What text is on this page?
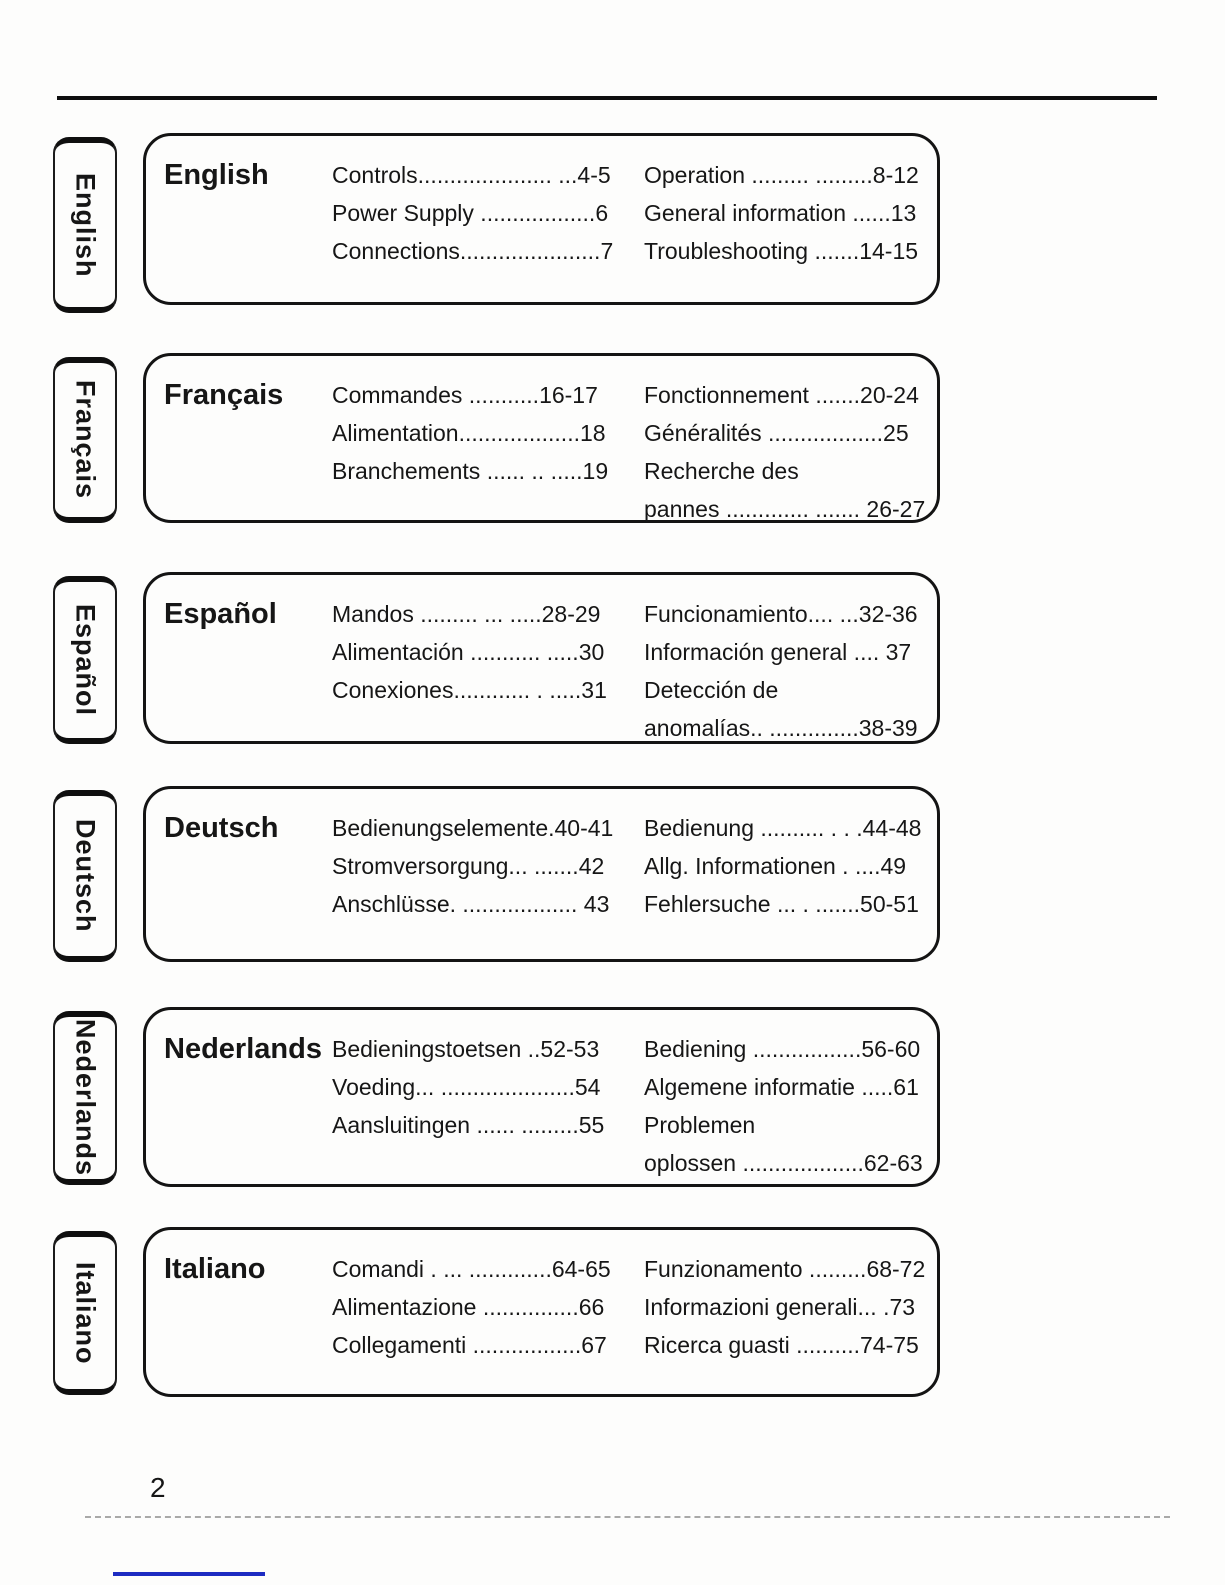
English English	Controls..................... ...4-5
Power Supply ..................6
Connections......................7
Operation ......... .........8-12
General information ......13
Troubleshooting .......14-15
Français Français	Commandes ...........16-17
Alimentation...................18
Branchements ...... .. .....19
Fonctionnement .......20-24
Généralités ..................25
Recherche des
pannes ............. ....... 26-27
Español Español	Mandos ......... ... .....28-29
Alimentación ........... .....30
Conexiones............ . .....31
Funcionamiento.... ...32-36
Información general .... 37
Detección de
anomalías.. ..............38-39
Deutsch Deutsch	Bedienungselemente.40-41
Stromversorgung... .......42
Anschlüsse. .................. 43
Bedienung .......... . . .44-48
Allg. Informationen . ....49
Fehlersuche ... . .......50-51
Nederlands Nederlands Bedieningstoetsen ..52-53
Voeding... .....................54
Aansluitingen ...... .........55
Bediening .................56-60
Algemene informatie .....61
Problemen
oplossen ...................62-63
Italiano Italiano	Comandi . ... .............64-65
Alimentazione ...............66
Collegamenti .................67
Funzionamento .........68-72
Informazioni generali... .73
Ricerca guasti ..........74-75
2
